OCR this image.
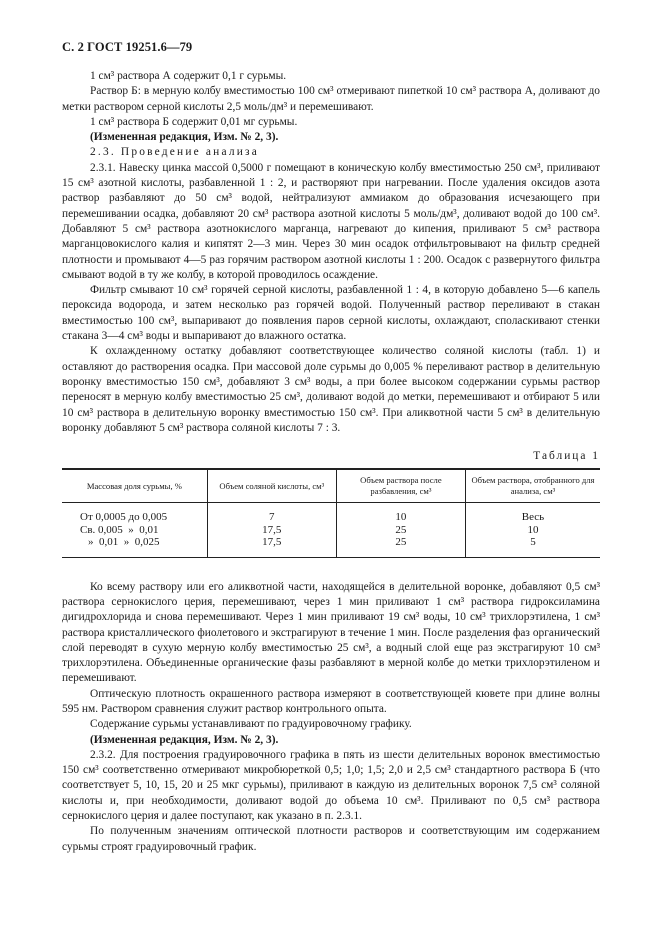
С. 2 ГОСТ 19251.6—79

1 см³ раствора А содержит 0,1 г сурьмы.

Раствор Б: в мерную колбу вместимостью 100 см³ отмеривают пипеткой 10 см³ раствора А, доливают до метки раствором серной кислоты 2,5 моль/дм³ и перемешивают.

1 см³ раствора Б содержит 0,01 мг сурьмы.

(Измененная редакция, Изм. № 2, 3).

2.3. Проведение анализа

2.3.1. Навеску цинка массой 0,5000 г помещают в коническую колбу вместимостью 250 см³, приливают 15 см³ азотной кислоты, разбавленной 1 : 2, и растворяют при нагревании. После удаления оксидов азота раствор разбавляют до 50 см³ водой, нейтрализуют аммиаком до образования исчезающего при перемешивании осадка, добавляют 20 см³ раствора азотной кислоты 5 моль/дм³, доливают водой до 100 см³. Добавляют 5 см³ раствора азотнокислого марганца, нагревают до кипения, приливают 5 см³ раствора марганцовокислого калия и кипятят 2—3 мин. Через 30 мин осадок отфильтровывают на фильтр средней плотности и промывают 4—5 раз горячим раствором азотной кислоты 1 : 200. Осадок с развернутого фильтра смывают водой в ту же колбу, в которой проводилось осаждение.

Фильтр смывают 10 см³ горячей серной кислоты, разбавленной 1 : 4, в которую добавлено 5—6 капель пероксида водорода, и затем несколько раз горячей водой. Полученный раствор переливают в стакан вместимостью 100 см³, выпаривают до появления паров серной кислоты, охлаждают, споласкивают стенки стакана 3—4 см³ воды и выпаривают до влажного остатка.

К охлажденному остатку добавляют соответствующее количество соляной кислоты (табл. 1) и оставляют до растворения осадка. При массовой доле сурьмы до 0,005 % переливают раствор в делительную воронку вместимостью 150 см³, добавляют 3 см³ воды, а при более высоком содержании сурьмы раствор переносят в мерную колбу вместимостью 25 см³, доливают водой до метки, перемешивают и отбирают 5 или 10 см³ раствора в делительную воронку вместимостью 150 см³. При аликвотной части 5 см³ в делительную воронку добавляют 5 см³ раствора соляной кислоты 7 : 3.

Таблица 1
Массовая доля сурьмы, %	Объем соляной кислоты, см³	Объем раствора после разбавления, см³	Объем раствора, отобранного для анализа, см³
От 0,0005 до 0,005	7	10	Весь
Св. 0,005  »  0,01	17,5	25	10
»  0,01  »  0,025	17,5	25	5

Ко всему раствору или его аликвотной части, находящейся в делительной воронке, добавляют 0,5 см³ раствора сернокислого церия, перемешивают, через 1 мин приливают 1 см³ раствора гидроксиламина дигидрохлорида и снова перемешивают. Через 1 мин приливают 19 см³ воды, 10 см³ трихлорэтилена, 1 см³ раствора кристаллического фиолетового и экстрагируют в течение 1 мин. После разделения фаз органический слой переводят в сухую мерную колбу вместимостью 25 см³, а водный слой еще раз экстрагируют 10 см³ трихлорэтилена. Объединенные органические фазы разбавляют в мерной колбе до метки трихлорэтиленом и перемешивают.

Оптическую плотность окрашенного раствора измеряют в соответствующей кювете при длине волны 595 нм. Раствором сравнения служит раствор контрольного опыта.

Содержание сурьмы устанавливают по градуировочному графику.

(Измененная редакция, Изм. № 2, 3).

2.3.2. Для построения градуировочного графика в пять из шести делительных воронок вместимостью 150 см³ соответственно отмеривают микробюреткой 0,5; 1,0; 1,5; 2,0 и 2,5 см³ стандартного раствора Б (что соответствует 5, 10, 15, 20 и 25 мкг сурьмы), приливают в каждую из делительных воронок 7,5 см³ соляной кислоты и, при необходимости, доливают водой до объема 10 см³. Приливают по 0,5 см³ раствора сернокислого церия и далее поступают, как указано в п. 2.3.1.

По полученным значениям оптической плотности растворов и соответствующим им содержанием сурьмы строят градуировочный график.
